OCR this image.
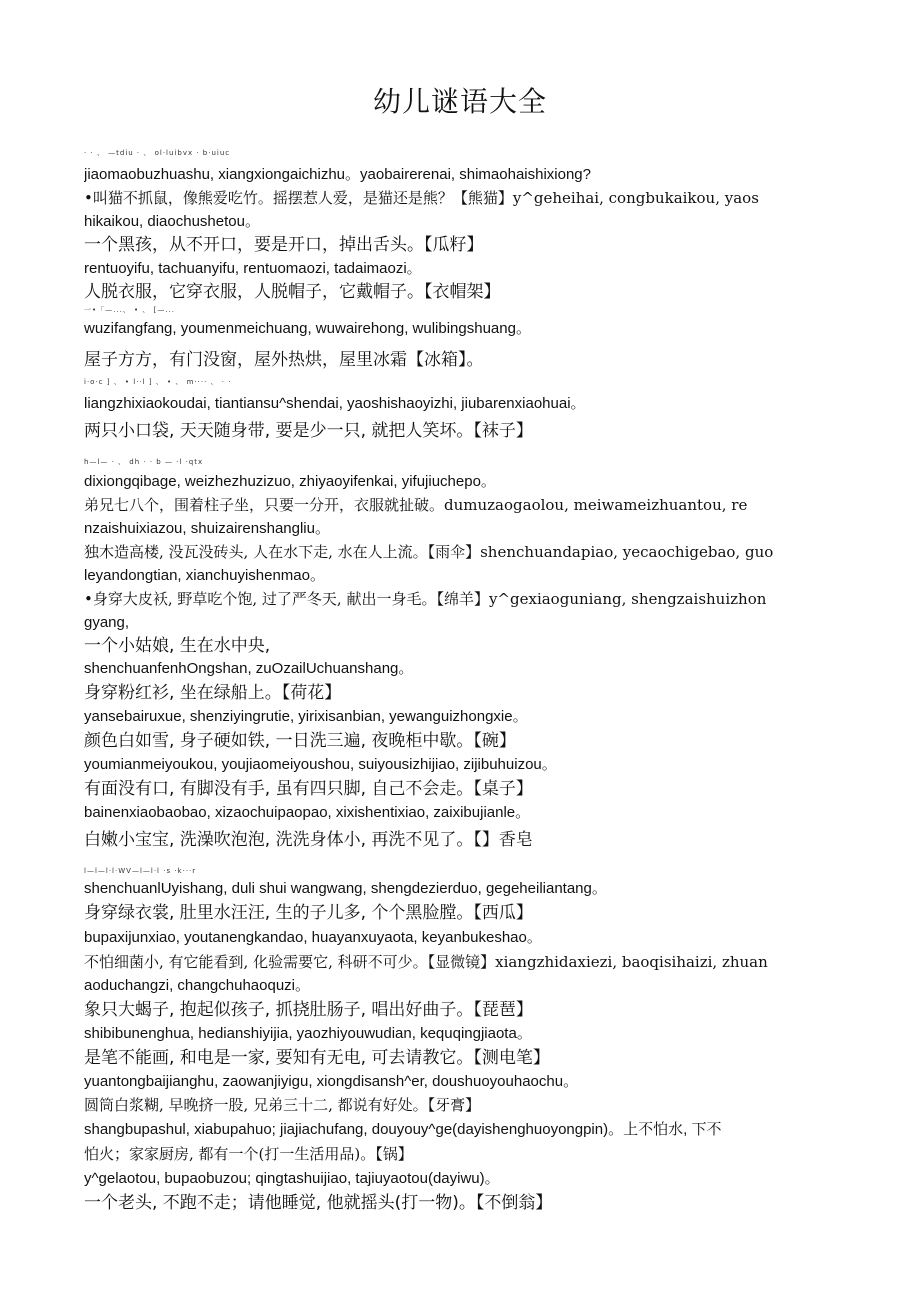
幼儿谜语大全
· · 、 —tdiu · 、 ol·luibvx · b·uiuc
jiaomaobuzhuashu, xiangxiongaichizhu。yaobairerenai, shimaohaishixiong?
•叫猫不抓鼠，像熊爱吃竹。摇摆惹人爱，是猫还是熊？【熊猫】y^geheihai, congbukaikou, yaos
hikaikou, diaochushetou。
一个黑孩，从不开口，要是开口，掉出舌头。【瓜籽】
rentuoyifu, tachuanyifu, rentuomaozi, tadaimaozi。
人脱衣服，它穿衣服，人脱帽子，它戴帽子。【衣帽架】
一•「—...、 • 、 [—...
wuzifangfang, youmenmeichuang, wuwairehong, wulibingshuang。
屋子方方，有门没窗，屋外热烘，屋里冰霜【冰箱】。
i·o·c ] 、 • l··l ] 、 • 、 m···· 、 · ·
liangzhixiaokoudai, tiantiansu^shendai, yaoshishaoyizhi, jiubarenxiaohuai。
两只小口袋, 天天随身带, 要是少一只, 就把人笑坏。【袜子】
h—l— · 、 dh · · b — ·l ·qtx
dixiongqibage, weizhezhuzizuo, zhiyaoyifenkai, yifujiuchepo。
弟兄七八个，围着柱子坐，只要一分开，衣服就扯破。dumuzaogaolou, meiwameizhuantou, re
nzaishuixiazou, shuizairenshangliu。
独木造高楼, 没瓦没砖头, 人在水下走, 水在人上流。【雨伞】shenchuandapiao, yecaochigebao, guo
leyandongtian, xianchuyishenmao。
•身穿大皮袄, 野草吃个饱, 过了严冬天, 献出一身毛。【绵羊】y^gexiaoguniang, shengzaishuizhon
gyang,
一个小姑娘, 生在水中央,
shenchuanfenhOngshan, zuOzailUchuanshang。
身穿粉红衫, 坐在绿船上。【荷花】
yansebairuxue, shenziyingrutie, yirixisanbian, yewanguizhongxie。
颜色白如雪, 身子硬如铁, 一日洗三遍, 夜晚柜中歇。【碗】
youmianmeiyoukou, youjiaomeiyoushou, suiyousizhijiao, zijibuhuizou。
有面没有口, 有脚没有手, 虽有四只脚, 自己不会走。【桌子】
bainenxiaobaobao, xizaochuipaopao, xixishentixiao, zaixibujianle。
白嫩小宝宝, 洗澡吹泡泡, 洗洗身体小, 再洗不见了。【】香皂
l—l—l·l·WV—l—l·l ·s ·k···r
shenchuanlUyishang, duli shui wangwang, shengdezierduo, gegeheiliantang。
身穿绿衣裳, 肚里水汪汪, 生的子儿多, 个个黑脸膛。【西瓜】
bupaxijunxiao, youtanengkandao, huayanxuyaota, keyanbukeshao。
不怕细菌小, 有它能看到, 化验需要它, 科研不可少。【显微镜】xiangzhidaxiezi, baoqisihaizi, zhuan
aoduchangzi, changchuhaoquzi。
象只大蝎子, 抱起似孩子, 抓挠肚肠子, 唱出好曲子。【琵琶】
shibibunenghua, hedianshiyijia, yaozhiyouwudian, kequqingjiaota。
是笔不能画, 和电是一家, 要知有无电, 可去请教它。【测电笔】
yuantongbaijianghu, zaowanjiyigu, xiongdisansh^er, doushuoyouhaochu。
圆筒白浆糊, 早晚挤一股, 兄弟三十二, 都说有好处。【牙膏】
shangbupashul, xiabupahuo; jiajiachufang, douyouy^ge(dayishenghuoyongpin)。上不怕水, 下不
怕火；家家厨房, 都有一个(打一生活用品)。【锅】
y^gelaotou, bupaobuzou; qingtashuijiao, tajiuyaotou(dayiwu)。
一个老头, 不跑不走；请他睡觉, 他就摇头(打一物)。【不倒翁】
